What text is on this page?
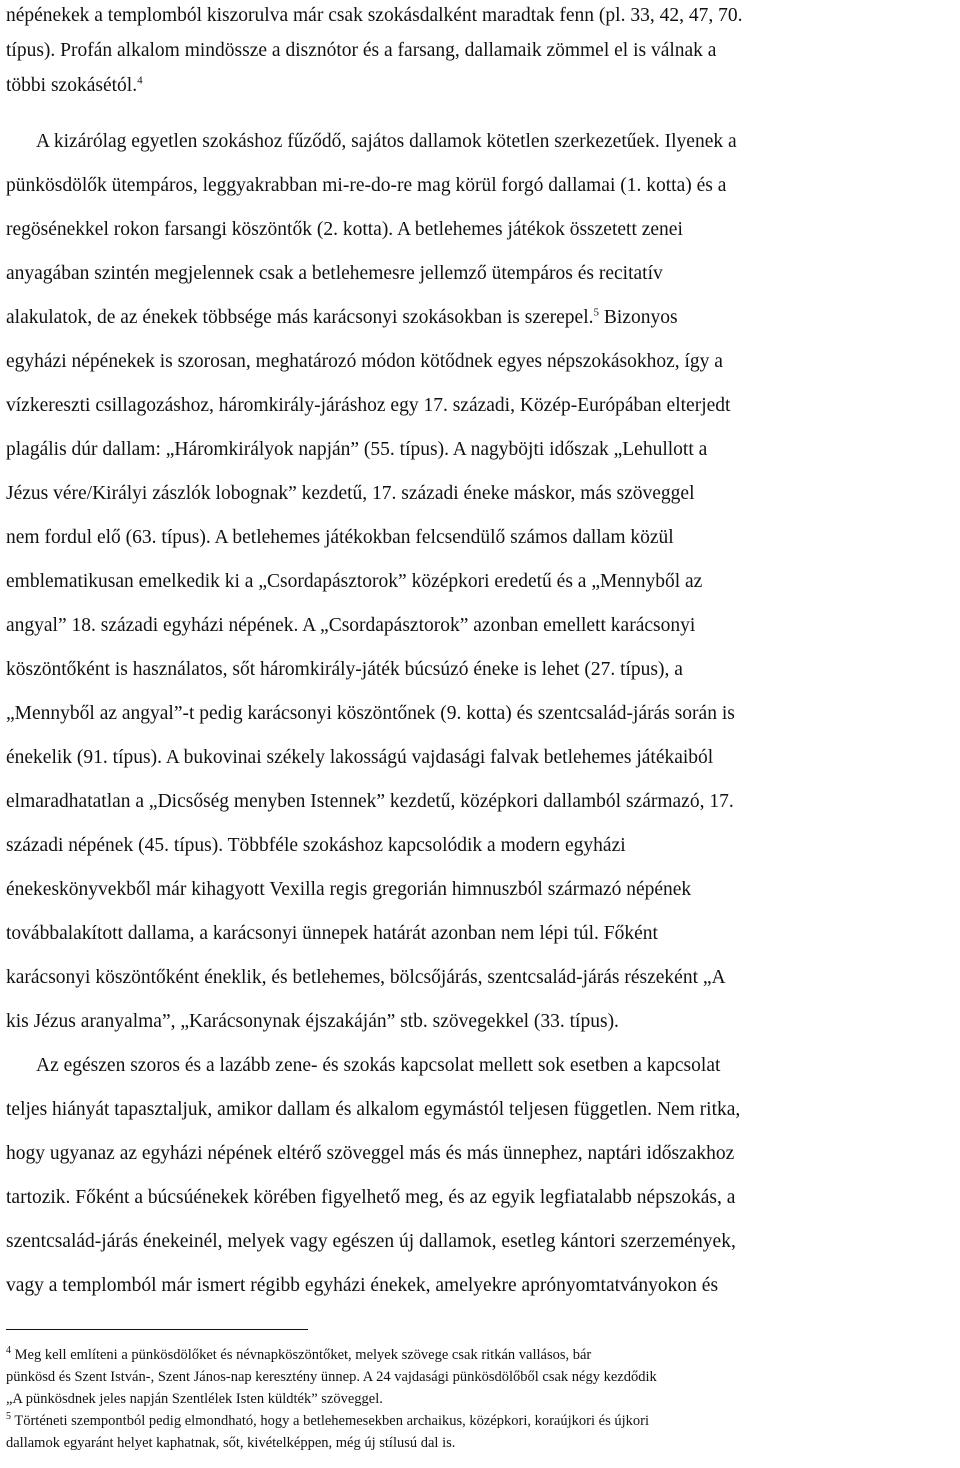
népénekek a templomból kiszorulva már csak szokásdalként maradtak fenn (pl. 33, 42, 47, 70.
típus). Profán alkalom mindössze a disznótor és a farsang, dallamaik zömmel el is válnak a
többi szokásétól.$^4$
A kizárólag egyetlen szokáshoz fűződő, sajátos dallamok kötetlen szerkezetűek. Ilyenek a
pünkösdölők ütempáros, leggyakrabban mi-re-do-re mag körül forgó dallamai (1. kotta) és a
regösénekkel rokon farsangi köszöntők (2. kotta). A betlehemes játékok összetett zenei
anyagában szintén megjelennek csak a betlehemesre jellemző ütempáros és recitatív
alakulatok, de az énekek többsége más karácsonyi szokásokban is szerepel.$^5$ Bizonyos
egyházi népénekek is szorosan, meghatározó módon kötődnek egyes népszokásokhoz, így a
vízkereszti csillagozáshoz, háromkirály-járáshoz egy 17. századi, Közép-Európában elterjedt
plagális dúr dallam: „Háromkirályok napján” (55. típus). A nagyböjti időszak „Lehullott a
Jézus vére/Királyi zászlók lobognak” kezdetű, 17. századi éneke máskor, más szöveggel
nem fordul elő (63. típus). A betlehemes játékokban felcsendülő számos dallam közül
emblematikusan emelkedik ki a „Csordapásztorok” középkori eredetű és a „Mennyből az
angyal” 18. századi egyházi népének. A „Csordapásztorok” azonban emellett karácsonyi
köszöntőként is használatos, sőt háromkirály-játék búcsúzó éneke is lehet (27. típus), a
„Mennyből az angyal”-t pedig karácsonyi köszöntőnek (9. kotta) és szentcsalád-járás során is
énekelik (91. típus). A bukovinai székely lakosságú vajdasági falvak betlehemes játékaiból
elmaradhatatlan a „Dicsőség menyben Istennek” kezdetű, középkori dallamból származó, 17.
századi népének (45. típus). Többféle szokáshoz kapcsolódik a modern egyházi
énekeskönyvekből már kihagyott Vexilla regis gregorián himnuszból származó népének
továbbalakított dallama, a karácsonyi ünnepek határát azonban nem lépi túl. Főként
karácsonyi köszöntőként éneklik, és betlehemes, bölcsőjárás, szentcsalád-járás részeként „A
kis Jézus aranyalma”, „Karácsonynak éjszakáján” stb. szövegekkel (33. típus).
Az egészen szoros és a lazább zene- és szokás kapcsolat mellett sok esetben a kapcsolat
teljes hiányát tapasztaljuk, amikor dallam és alkalom egymástól teljesen független. Nem ritka,
hogy ugyanaz az egyházi népének eltérő szöveggel más és más ünnephez, naptári időszakhoz
tartozik. Főként a búcsúénekek körében figyelhető meg, és az egyik legfiatalabb népszokás, a
szentcsalád-járás énekeinél, melyek vagy egészen új dallamok, esetleg kántori szerzemények,
vagy a templomból már ismert régibb egyházi énekek, amelyekre aprónyomtatványokon és
$^4$ Meg kell említeni a pünkösdölőket és névnapköszöntőket, melyek szövege csak ritkán vallásos, bár
pünkösd és Szent István-, Szent János-nap keresztény ünnep. A 24 vajdasági pünkösdölőből csak négy kezdődik
„A pünkösdnek jeles napján Szentlélek Isten küldték” szöveggel.
$^5$ Történeti szempontból pedig elmondható, hogy a betlehemesekben archaikus, középkori, koraújkori és újkori
dallamok egyaránt helyet kaphatnak, sőt, kivételképpen, még új stílusú dal is.
